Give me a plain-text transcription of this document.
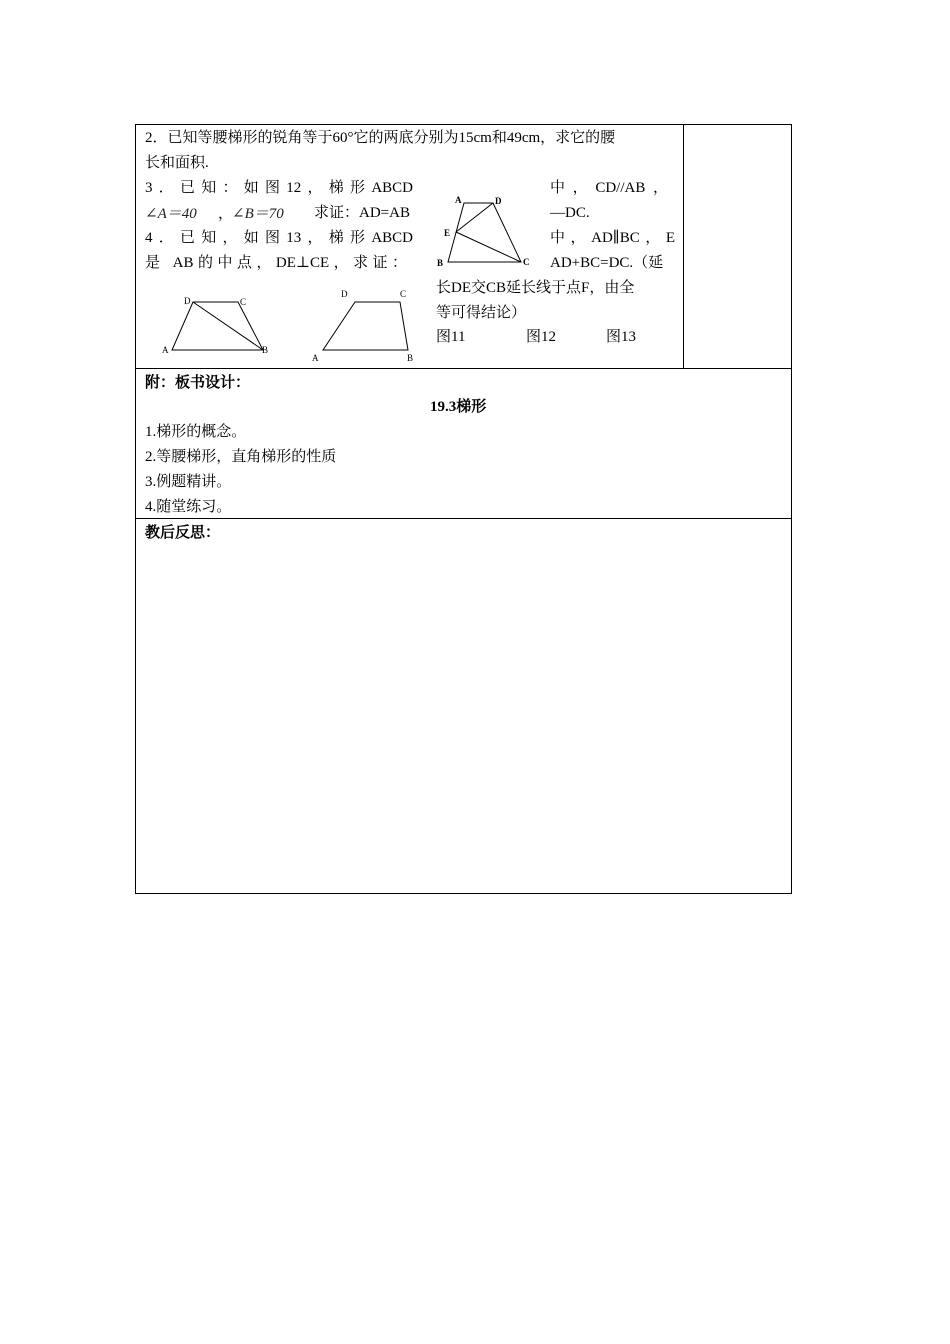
2．已知等腰梯形的锐角等于60°它的两底分别为15cm和49cm，求它的腰
长和面积.
3．已知：如图12，梯形ABCD	中，CD//AB，
∠A＝40 ，
∠B＝70 求证：AD=AB	—DC.
4．已知，如图13，梯形ABCD	中，AD∥BC，E
是 AB的中点，DE⊥CE，求证：	AD+BC=DC.（延
长DE交CB延长线于点F，由全
等可得结论）
图11	图12	图13
D	C
A	B
D	C
A	B
A	D
E
B	C
附：板书设计：
19.3梯形
1.梯形的概念。
2.等腰梯形，直角梯形的性质
3.例题精讲。
4.随堂练习。
教后反思：
